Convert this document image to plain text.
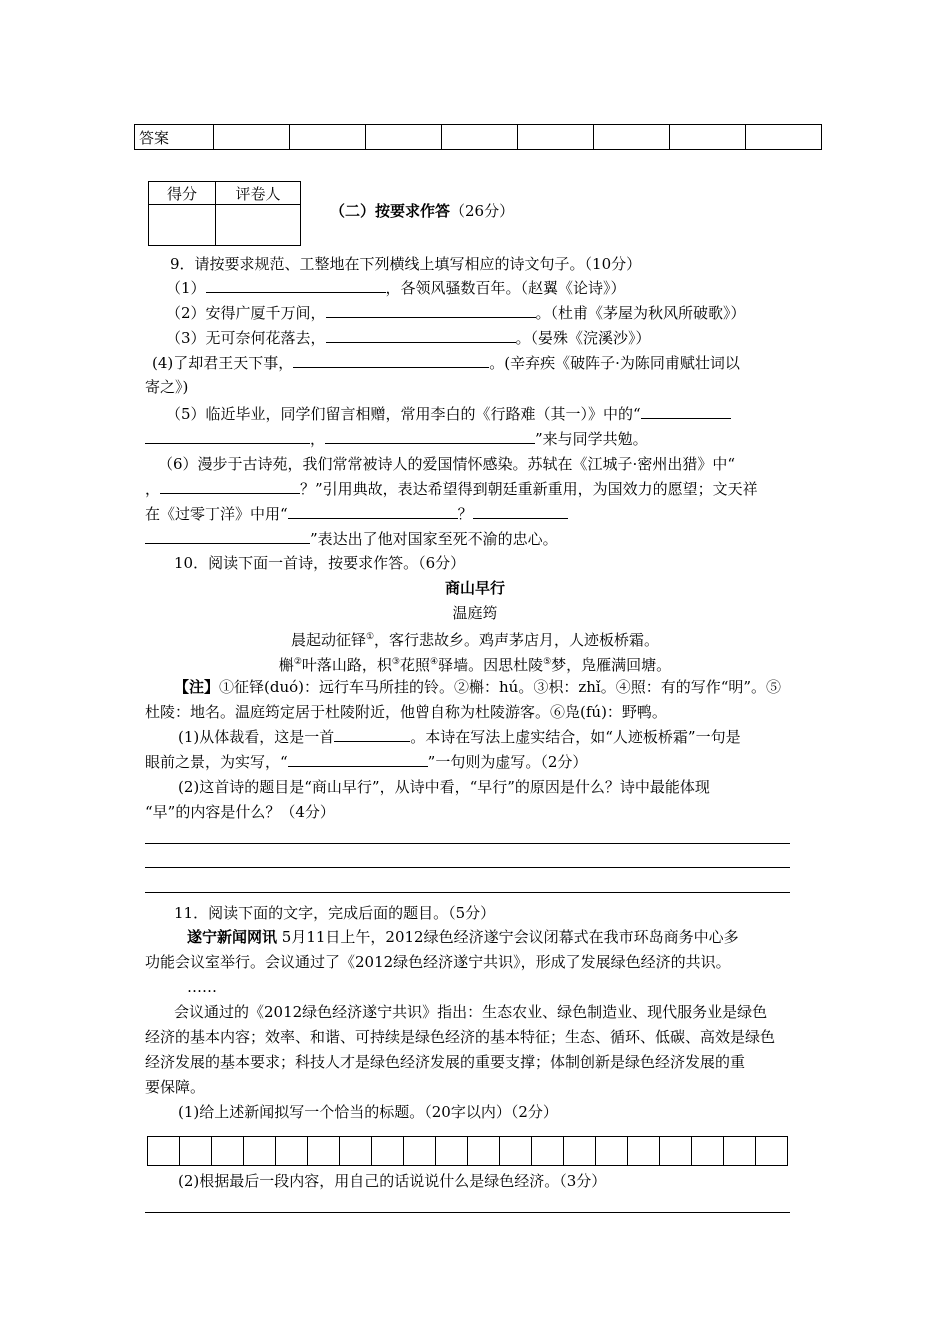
答案								
得分	评卷人

（二）按要求作答（26分）
9．请按要求规范、工整地在下列横线上填写相应的诗文句子。（10分）
（1）	，各领风骚数百年。（赵翼《论诗》）
（2）安得广厦千万间，	。（杜甫《茅屋为秋风所破歌》）
（3）无可奈何花落去，	。（晏殊《浣溪沙》）
(4)了却君王天下事，	。(辛弃疾《破阵子·为陈同甫赋壮词以
寄之》)
（5）临近毕业，同学们留言相赠，常用李白的《行路难（其一）》中的“
，	”来与同学共勉。
（6）漫步于古诗苑，我们常常被诗人的爱国情怀感染。苏轼在《江城子·密州出猎》中“
，	？”引用典故，表达希望得到朝廷重新重用，为国效力的愿望；文天祥
在《过零丁洋》中用“	？
”表达出了他对国家至死不渝的忠心。
10．阅读下面一首诗，按要求作答。（6分）
商山早行
温庭筠
晨起动征铎①，客行悲故乡。鸡声茅店月，人迹板桥霜。
槲②叶落山路，枳③花照④驿墙。因思杜陵⑤梦，凫雁满回塘。
【注】①征铎(duó)：远行车马所挂的铃。②槲：hú。③枳：zhǐ。④照：有的写作“明”。⑤
杜陵：地名。温庭筠定居于杜陵附近，他曾自称为杜陵游客。⑥凫(fú)：野鸭。
(1)从体裁看，这是一首	。本诗在写法上虚实结合，如“人迹板桥霜”一句是
眼前之景，为实写，“	”一句则为虚写。（2分）
(2)这首诗的题目是“商山早行”，从诗中看，“早行”的原因是什么？诗中最能体现
“早”的内容是什么？（4分）
11．阅读下面的文字，完成后面的题目。（5分）
遂宁新闻网讯 5月11日上午，2012绿色经济遂宁会议闭幕式在我市环岛商务中心多
功能会议室举行。会议通过了《2012绿色经济遂宁共识》，形成了发展绿色经济的共识。
……
会议通过的《2012绿色经济遂宁共识》指出：生态农业、绿色制造业、现代服务业是绿色
经济的基本内容；效率、和谐、可持续是绿色经济的基本特征；生态、循环、低碳、高效是绿色
经济发展的基本要求；科技人才是绿色经济发展的重要支撑；体制创新是绿色经济发展的重
要保障。
(1)给上述新闻拟写一个恰当的标题。（20字以内）（2分）

(2)根据最后一段内容，用自己的话说说什么是绿色经济。（3分）
